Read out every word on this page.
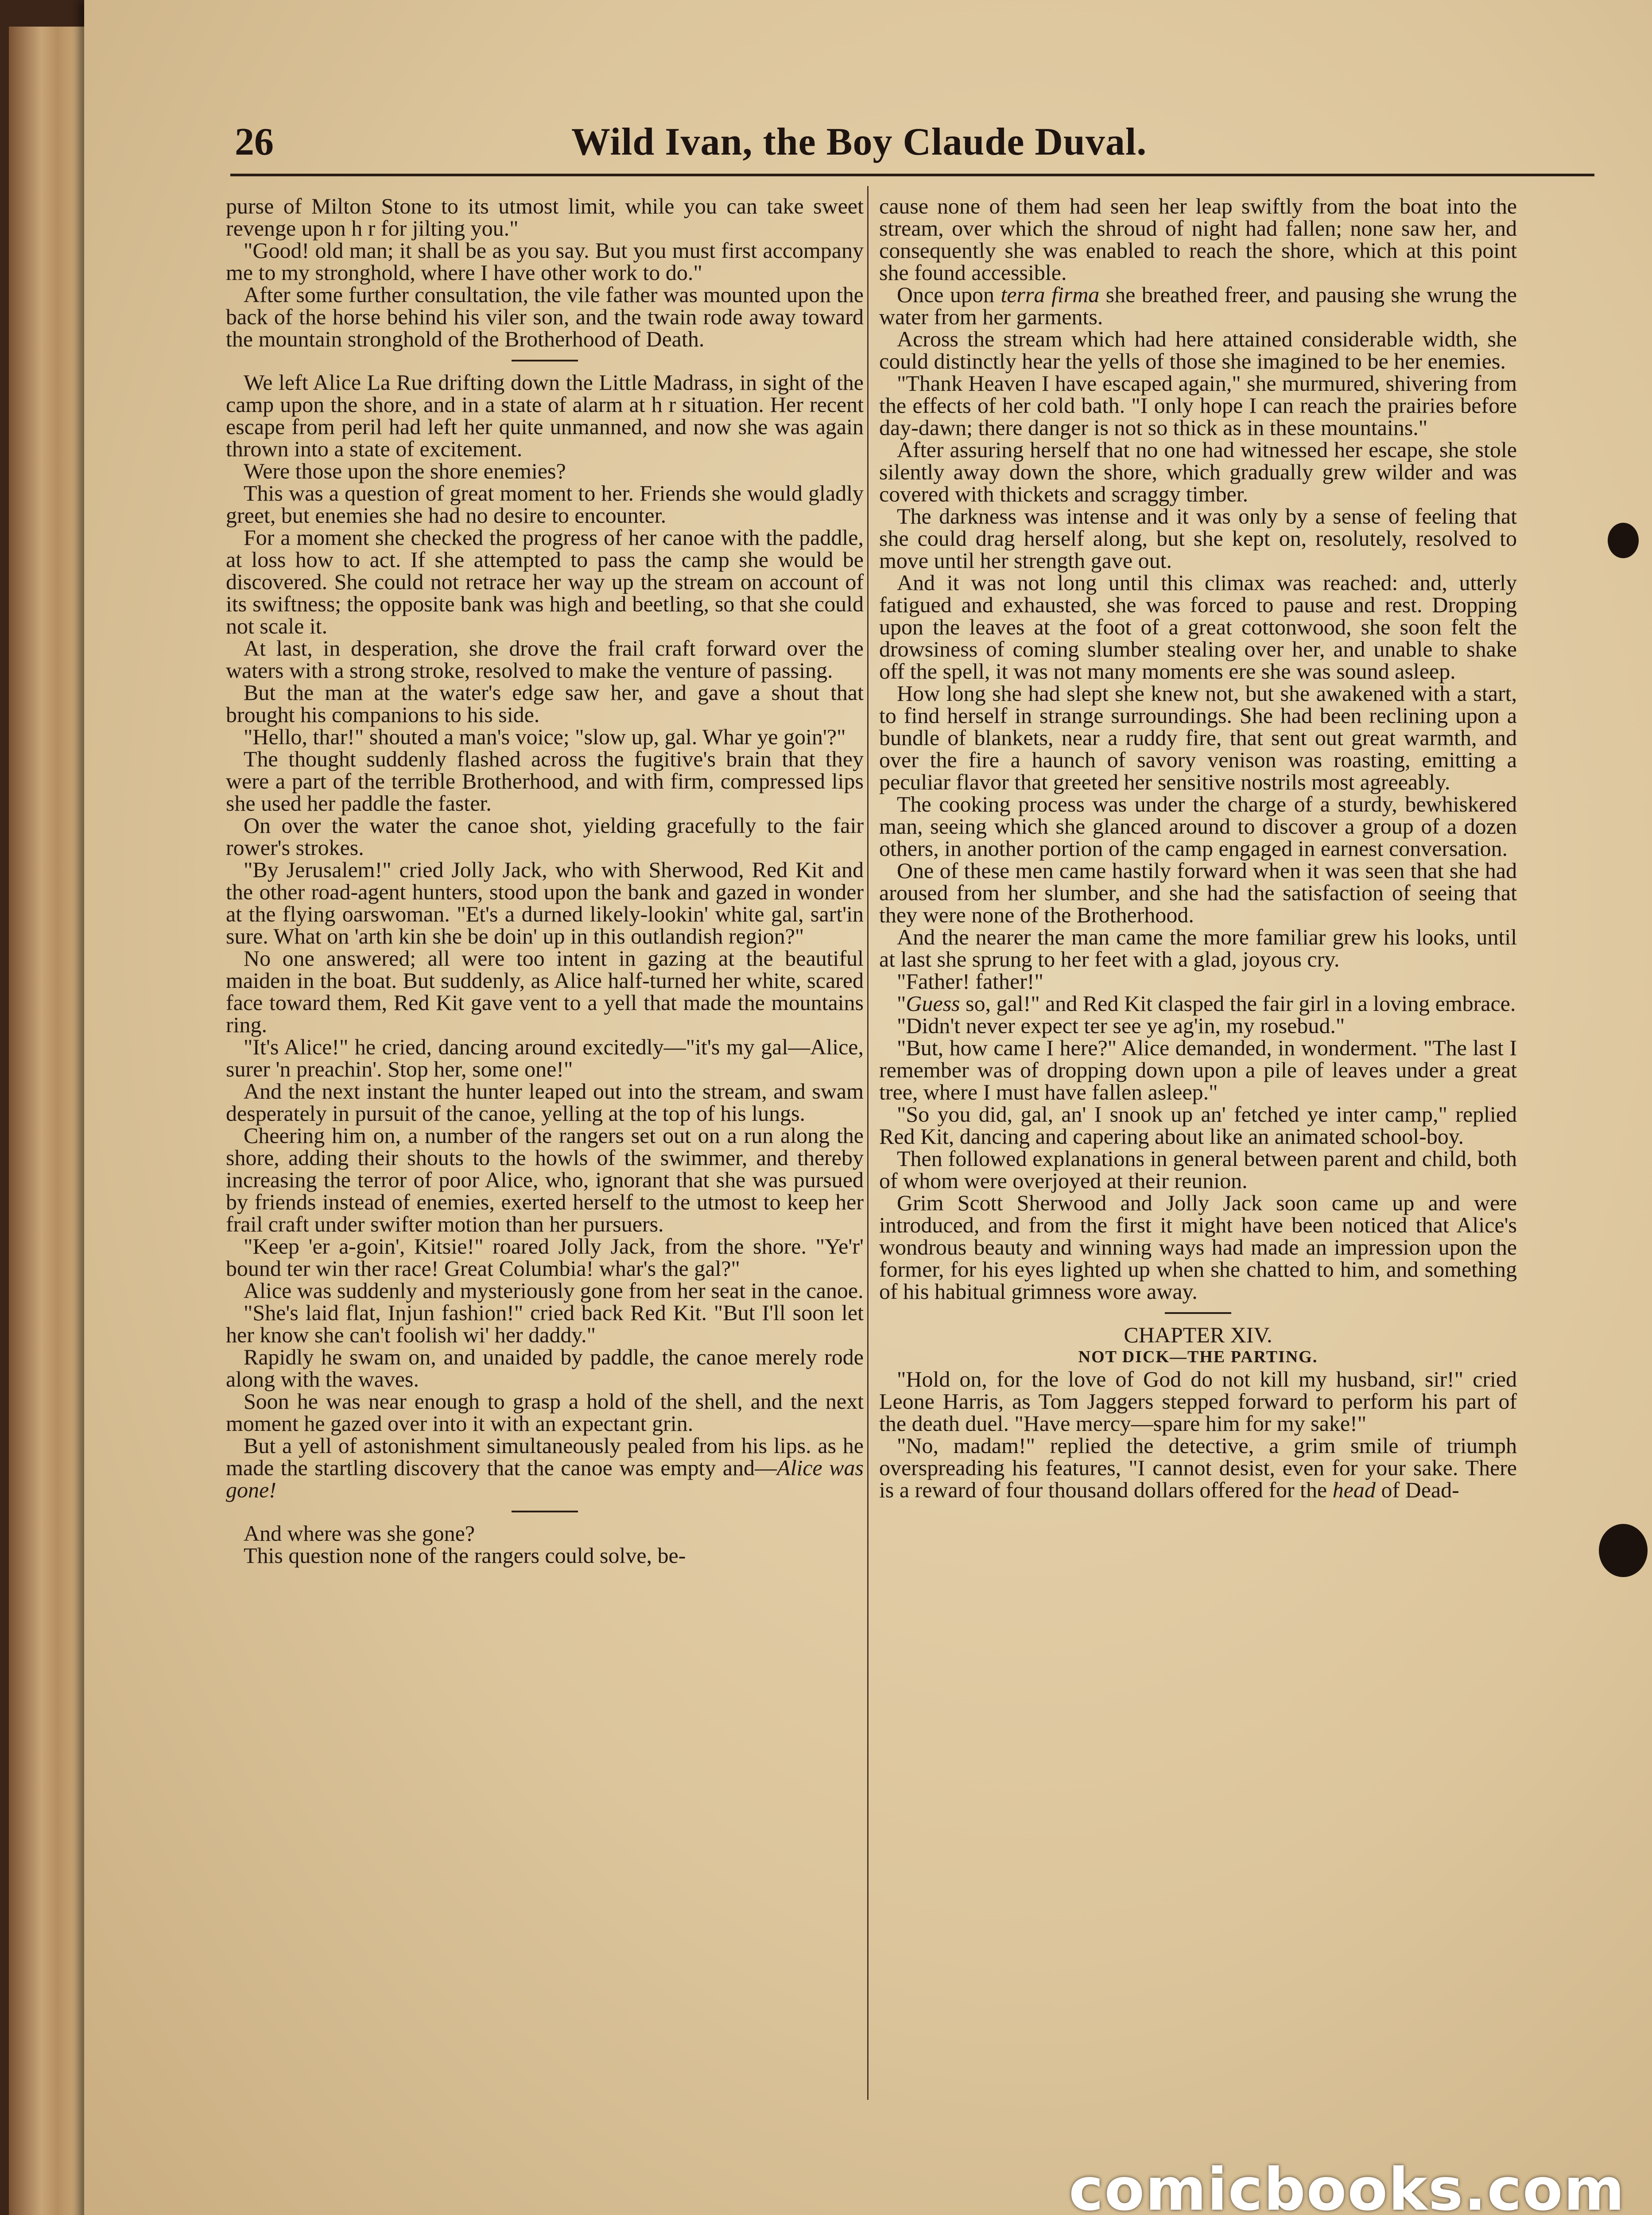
26	Wild Ivan, the Boy Claude Duval.

purse of Milton Stone to its utmost limit, while you can take sweet revenge upon h r for jilting you."

"Good! old man; it shall be as you say. But you must first accompany me to my stronghold, where I have other work to do."

After some further consultation, the vile father was mounted upon the back of the horse behind his viler son, and the twain rode away toward the mountain stronghold of the Brotherhood of Death.

We left Alice La Rue drifting down the Little Madrass, in sight of the camp upon the shore, and in a state of alarm at h r situation. Her recent escape from peril had left her quite unmanned, and now she was again thrown into a state of excitement.

Were those upon the shore enemies?

This was a question of great moment to her. Friends she would gladly greet, but enemies she had no desire to encounter.

For a moment she checked the progress of her canoe with the paddle, at loss how to act. If she attempted to pass the camp she would be discovered. She could not retrace her way up the stream on account of its swiftness; the opposite bank was high and beetling, so that she could not scale it.

At last, in desperation, she drove the frail craft forward over the waters with a strong stroke, resolved to make the venture of passing.

But the man at the water's edge saw her, and gave a shout that brought his companions to his side.

"Hello, thar!" shouted a man's voice; "slow up, gal. Whar ye goin'?"

The thought suddenly flashed across the fugitive's brain that they were a part of the terrible Brotherhood, and with firm, compressed lips she used her paddle the faster.

On over the water the canoe shot, yielding gracefully to the fair rower's strokes.

"By Jerusalem!" cried Jolly Jack, who with Sherwood, Red Kit and the other road-agent hunters, stood upon the bank and gazed in wonder at the flying oarswoman. "Et's a durned likely-lookin' white gal, sart'in sure. What on 'arth kin she be doin' up in this outlandish region?"

No one answered; all were too intent in gazing at the beautiful maiden in the boat. But suddenly, as Alice half-turned her white, scared face toward them, Red Kit gave vent to a yell that made the mountains ring.

"It's Alice!" he cried, dancing around excitedly—"it's my gal—Alice, surer 'n preachin'. Stop her, some one!"

And the next instant the hunter leaped out into the stream, and swam desperately in pursuit of the canoe, yelling at the top of his lungs.

Cheering him on, a number of the rangers set out on a run along the shore, adding their shouts to the howls of the swimmer, and thereby increasing the terror of poor Alice, who, ignorant that she was pursued by friends instead of enemies, exerted herself to the utmost to keep her frail craft under swifter motion than her pursuers.

"Keep 'er a-goin', Kitsie!" roared Jolly Jack, from the shore. "Ye'r' bound ter win ther race! Great Columbia! whar's the gal?"

Alice was suddenly and mysteriously gone from her seat in the canoe.

"She's laid flat, Injun fashion!" cried back Red Kit. "But I'll soon let her know she can't foolish wi' her daddy."

Rapidly he swam on, and unaided by paddle, the canoe merely rode along with the waves.

Soon he was near enough to grasp a hold of the shell, and the next moment he gazed over into it with an expectant grin.

But a yell of astonishment simultaneously pealed from his lips. as he made the startling discovery that the canoe was empty and—Alice was gone!

And where was she gone?

This question none of the rangers could solve, be-

cause none of them had seen her leap swiftly from the boat into the stream, over which the shroud of night had fallen; none saw her, and consequently she was enabled to reach the shore, which at this point she found accessible.

Once upon terra firma she breathed freer, and pausing she wrung the water from her garments.

Across the stream which had here attained considerable width, she could distinctly hear the yells of those she imagined to be her enemies.

"Thank Heaven I have escaped again," she murmured, shivering from the effects of her cold bath. "I only hope I can reach the prairies before day-dawn; there danger is not so thick as in these mountains."

After assuring herself that no one had witnessed her escape, she stole silently away down the shore, which gradually grew wilder and was covered with thickets and scraggy timber.

The darkness was intense and it was only by a sense of feeling that she could drag herself along, but she kept on, resolutely, resolved to move until her strength gave out.

And it was not long until this climax was reached: and, utterly fatigued and exhausted, she was forced to pause and rest. Dropping upon the leaves at the foot of a great cottonwood, she soon felt the drowsiness of coming slumber stealing over her, and unable to shake off the spell, it was not many moments ere she was sound asleep.

How long she had slept she knew not, but she awakened with a start, to find herself in strange surroundings. She had been reclining upon a bundle of blankets, near a ruddy fire, that sent out great warmth, and over the fire a haunch of savory venison was roasting, emitting a peculiar flavor that greeted her sensitive nostrils most agreeably.

The cooking process was under the charge of a sturdy, bewhiskered man, seeing which she glanced around to discover a group of a dozen others, in another portion of the camp engaged in earnest conversation.

One of these men came hastily forward when it was seen that she had aroused from her slumber, and she had the satisfaction of seeing that they were none of the Brotherhood.

And the nearer the man came the more familiar grew his looks, until at last she sprung to her feet with a glad, joyous cry.

"Father! father!"

"Guess so, gal!" and Red Kit clasped the fair girl in a loving embrace.

"Didn't never expect ter see ye ag'in, my rosebud."

"But, how came I here?" Alice demanded, in wonderment. "The last I remember was of dropping down upon a pile of leaves under a great tree, where I must have fallen asleep."

"So you did, gal, an' I snook up an' fetched ye inter camp," replied Red Kit, dancing and capering about like an animated school-boy.

Then followed explanations in general between parent and child, both of whom were overjoyed at their reunion.

Grim Scott Sherwood and Jolly Jack soon came up and were introduced, and from the first it might have been noticed that Alice's wondrous beauty and winning ways had made an impression upon the former, for his eyes lighted up when she chatted to him, and something of his habitual grimness wore away.

CHAPTER XIV.

NOT DICK—THE PARTING.

"Hold on, for the love of God do not kill my husband, sir!" cried Leone Harris, as Tom Jaggers stepped forward to perform his part of the death duel. "Have mercy—spare him for my sake!"

"No, madam!" replied the detective, a grim smile of triumph overspreading his features, "I cannot desist, even for your sake. There is a reward of four thousand dollars offered for the head of Dead-

comicbooks.com
